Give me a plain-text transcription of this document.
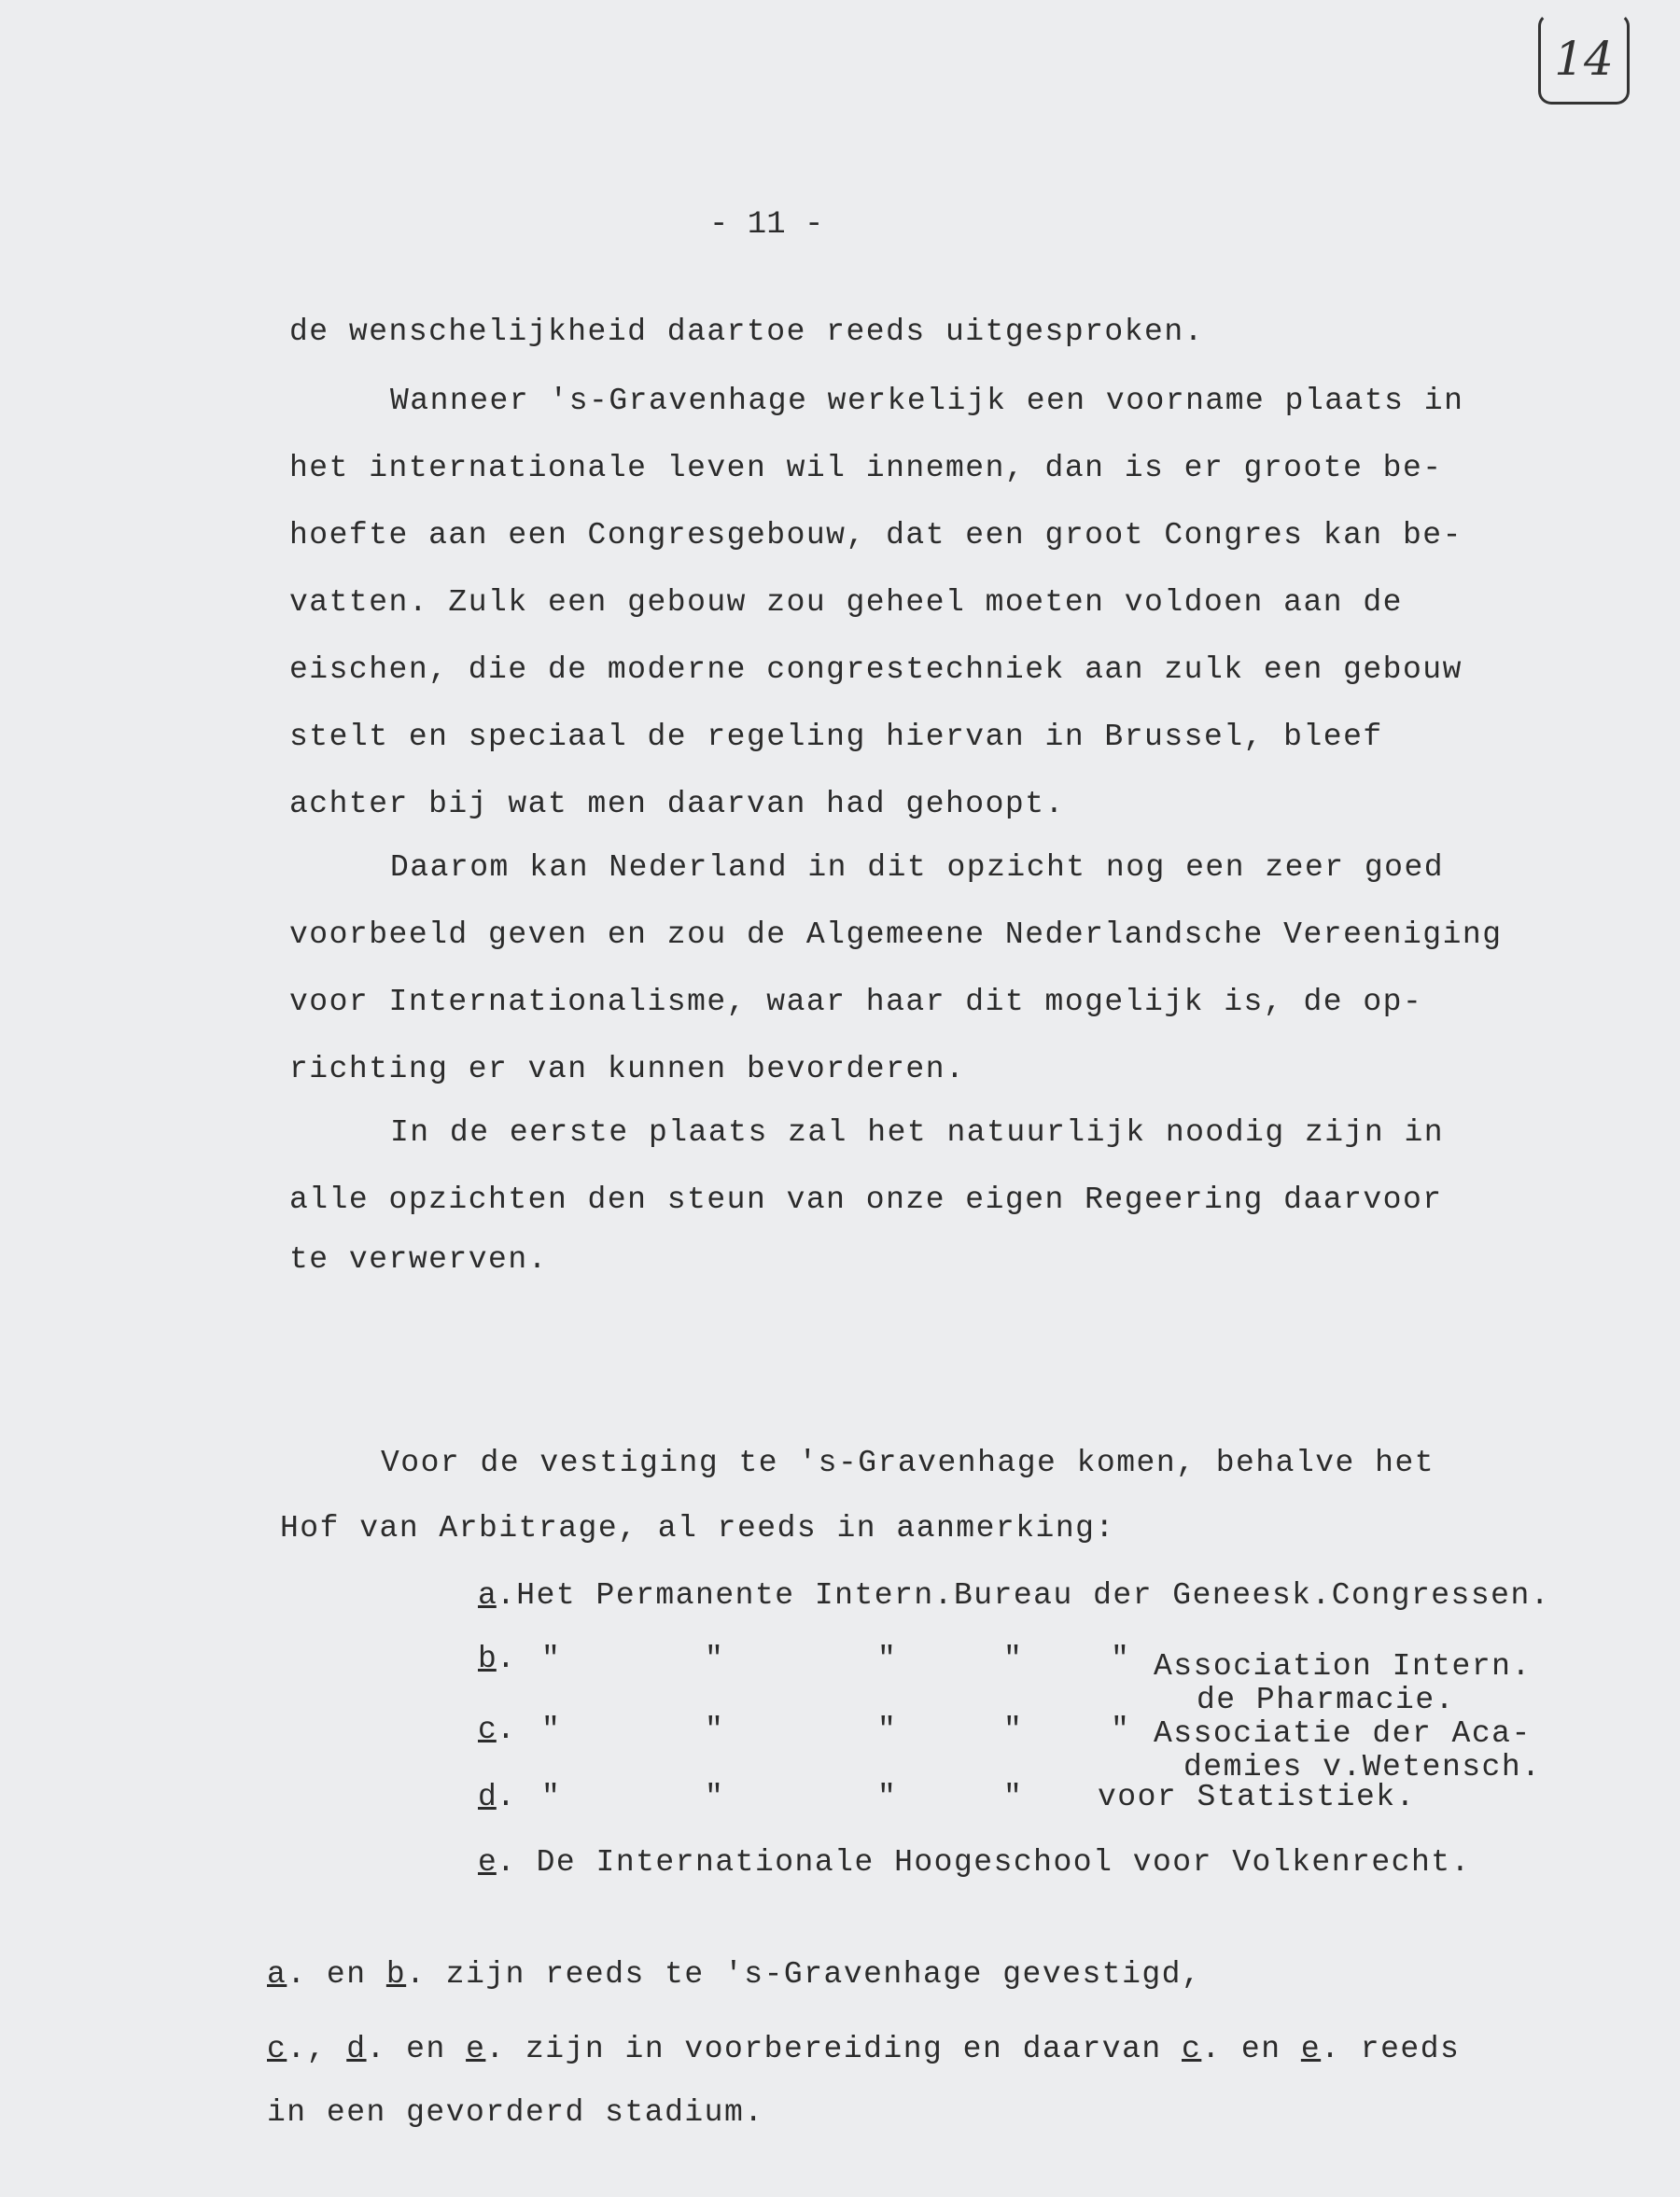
14
- 11 -
de wenschelijkheid daartoe reeds uitgesproken.
Wanneer 's-Gravenhage werkelijk een voorname plaats in
het internationale leven wil innemen, dan is er groote be-
hoefte aan een Congresgebouw, dat een groot Congres kan be-
vatten. Zulk een gebouw zou geheel moeten voldoen aan de
eischen, die de moderne congrestechniek aan zulk een gebouw
stelt en speciaal de regeling hiervan in Brussel, bleef
achter bij wat men daarvan had gehoopt.
Daarom kan Nederland in dit opzicht nog een zeer goed
voorbeeld geven en zou de Algemeene Nederlandsche Vereeniging
voor Internationalisme, waar haar dit mogelijk is, de op-
richting er van kunnen bevorderen.
In de eerste plaats zal het natuurlijk noodig zijn in
alle opzichten den steun van onze eigen Regeering daarvoor
te verwerven.
Voor de vestiging te 's-Gravenhage komen, behalve het
Hof van Arbitrage, al reeds in aanmerking:
a .Het Permanente Intern.Bureau der Geneesk.Congressen.
b . "	"	"	"	" Association Intern.
de Pharmacie.
c . "	"	"	"	" Associatie der Aca-
demies v.Wetensch.
d . "	"	"	" voor Statistiek.
e . De Internationale Hoogeschool voor Volkenrecht.
a. en b. zijn reeds te 's-Gravenhage gevestigd,
c., d. en e. zijn in voorbereiding en daarvan c. en e. reeds
in een gevorderd stadium.
